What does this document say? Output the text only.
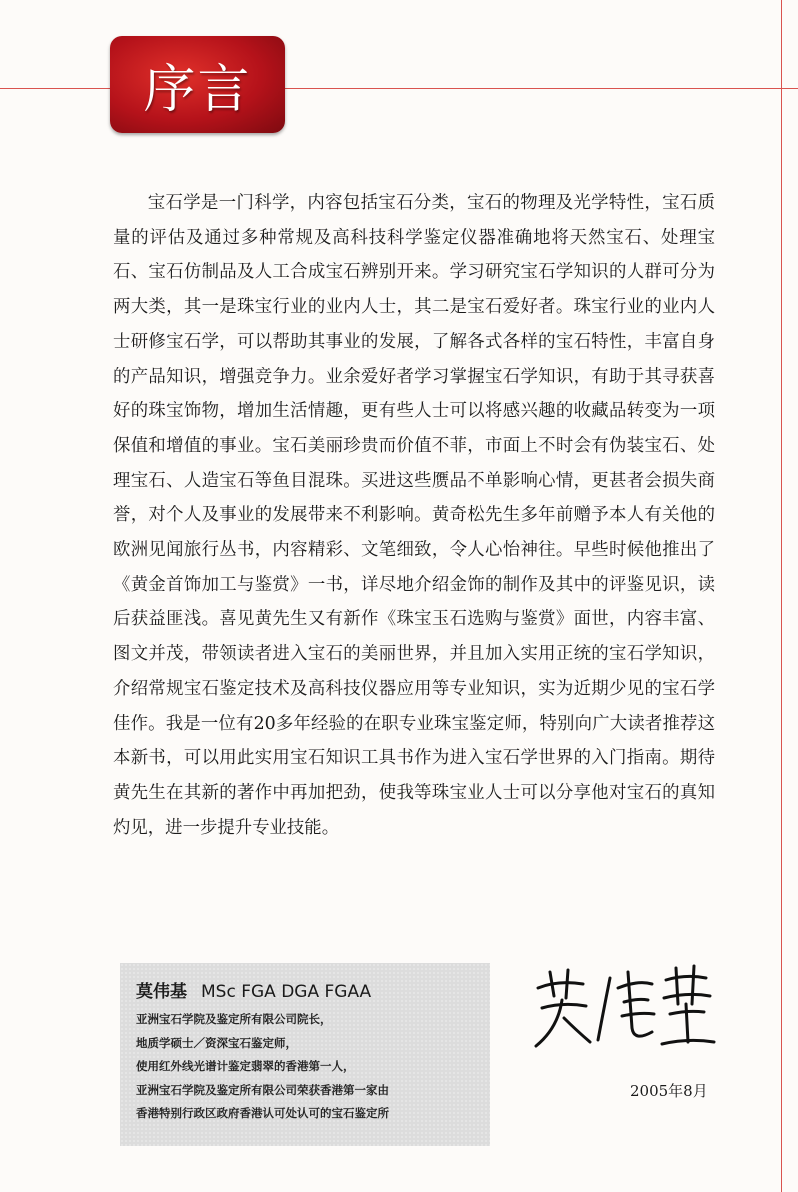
序言

宝石学是一门科学，内容包括宝石分类，宝石的物理及光学特性，宝石质量的评估及通过多种常规及高科技科学鉴定仪器准确地将天然宝石、处理宝石、宝石仿制品及人工合成宝石辨别开来。学习研究宝石学知识的人群可分为两大类，其一是珠宝行业的业内人士，其二是宝石爱好者。珠宝行业的业内人士研修宝石学，可以帮助其事业的发展，了解各式各样的宝石特性，丰富自身的产品知识，增强竞争力。业余爱好者学习掌握宝石学知识，有助于其寻获喜好的珠宝饰物，增加生活情趣，更有些人士可以将感兴趣的收藏品转变为一项保值和增值的事业。宝石美丽珍贵而价值不菲，市面上不时会有伪装宝石、处理宝石、人造宝石等鱼目混珠。买进这些赝品不单影响心情，更甚者会损失商誉，对个人及事业的发展带来不利影响。黄奇松先生多年前赠予本人有关他的欧洲见闻旅行丛书，内容精彩、文笔细致，令人心怡神往。早些时候他推出了《黄金首饰加工与鉴赏》一书，详尽地介绍金饰的制作及其中的评鉴见识，读后获益匪浅。喜见黄先生又有新作《珠宝玉石选购与鉴赏》面世，内容丰富、图文并茂，带领读者进入宝石的美丽世界，并且加入实用正统的宝石学知识，介绍常规宝石鉴定技术及高科技仪器应用等专业知识，实为近期少见的宝石学佳作。我是一位有20多年经验的在职专业珠宝鉴定师，特别向广大读者推荐这本新书，可以用此实用宝石知识工具书作为进入宝石学世界的入门指南。期待黄先生在其新的著作中再加把劲，使我等珠宝业人士可以分享他对宝石的真知灼见，进一步提升专业技能。

莫伟基 MSc FGA DGA FGAA
亚洲宝石学院及鉴定所有限公司院长，
地质学硕士／资深宝石鉴定师，
使用红外线光谱计鉴定翡翠的香港第一人，
亚洲宝石学院及鉴定所有限公司荣获香港第一家由
香港特别行政区政府香港认可处认可的宝石鉴定所
2005年8月
